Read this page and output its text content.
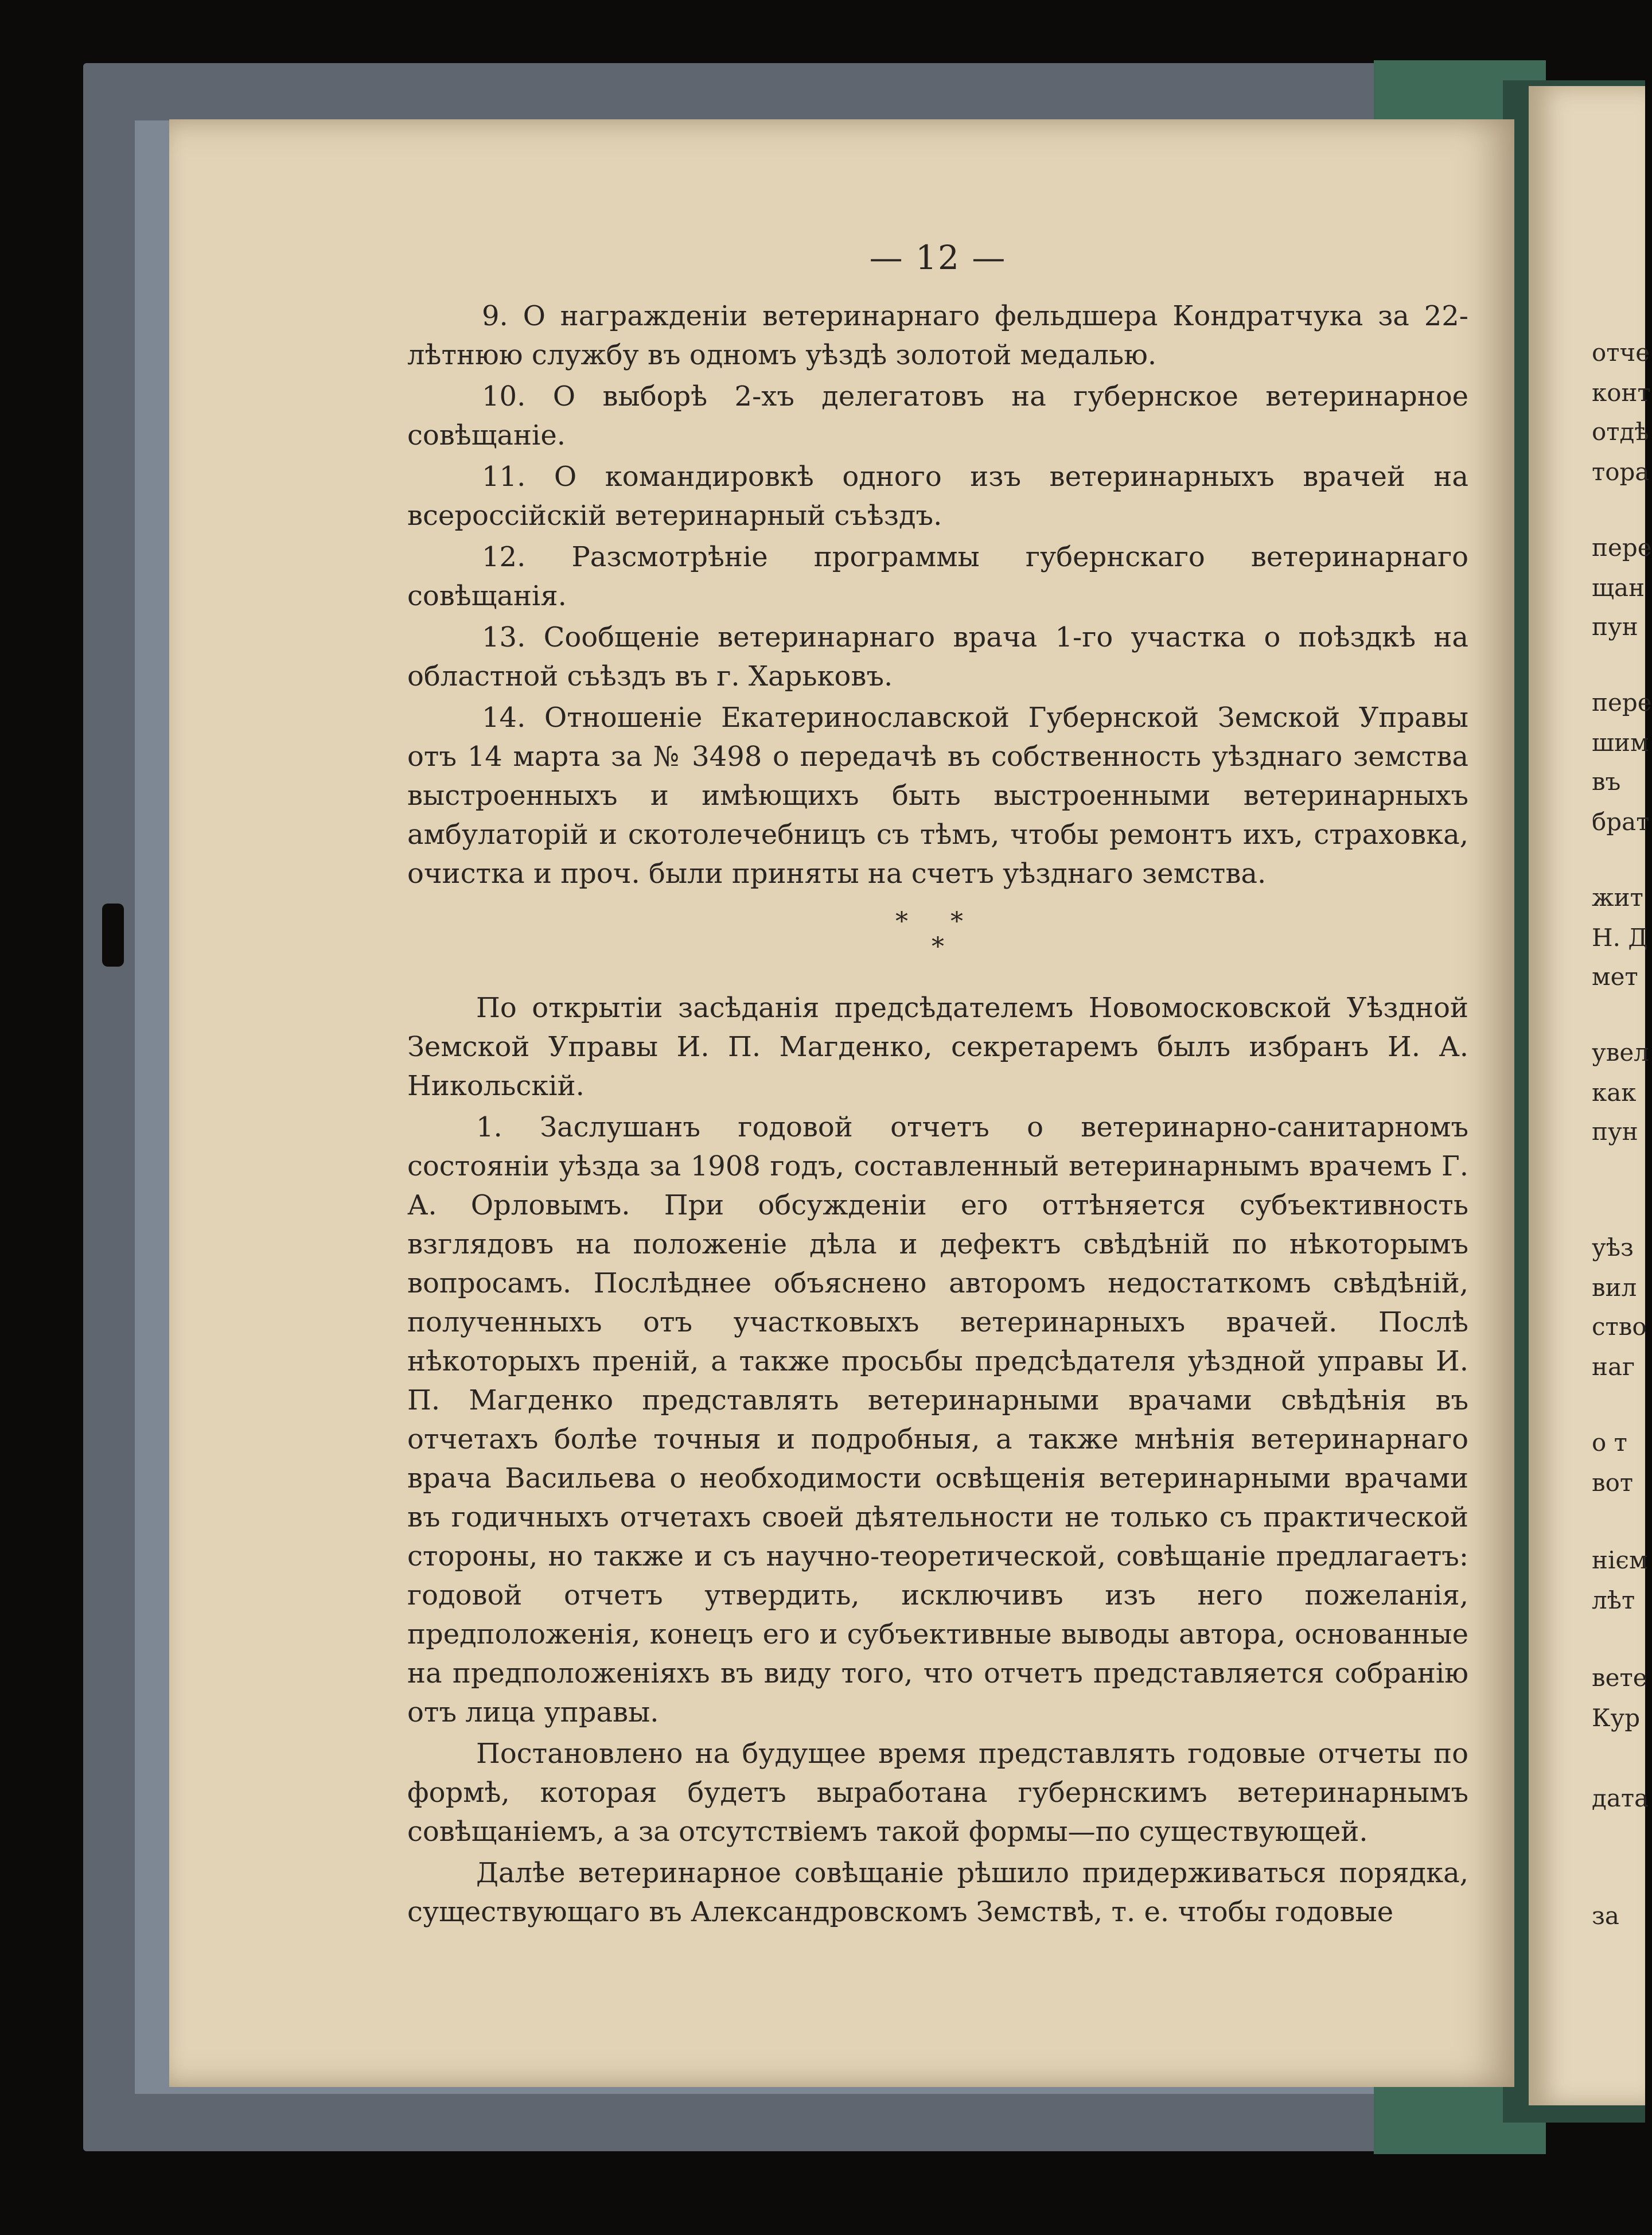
отче
конт
отдѣ
тора
пере
щан
пун
пере
шим
въ
брат
жит
Н. Д
мет
увел
как
пун
уѣз
вил
ство
наг
о т
вот
нієм
лѣт
вете
Кур
дата
за
— 12 —

9. О награжденіи ветеринарнаго фельдшера Кондратчука за 22-лѣтнюю службу въ одномъ уѣздѣ золотой медалью.

10. О выборѣ 2-хъ делегатовъ на губернское ветеринарное совѣщаніе.

11. О командировкѣ одного изъ ветеринарныхъ врачей на всероссійскій ветеринарный съѣздъ.

12. Разсмотрѣніе программы губернскаго ветеринарнаго совѣщанія.

13. Сообщеніе ветеринарнаго врача 1-го участка о поѣздкѣ на областной съѣздъ въ г. Харьковъ.

14. Отношеніе Екатеринославской Губернской Земской Управы отъ 14 марта за № 3498 о передачѣ въ собственность уѣзднаго земства выстроенныхъ и имѣющихъ быть выстроенными ветеринарныхъ амбулаторій и скотолечебницъ съ тѣмъ, чтобы ремонтъ ихъ, страховка, очистка и проч. были приняты на счетъ уѣзднаго земства.

* *
*

По открытіи засѣданія предсѣдателемъ Новомосковской Уѣздной Земской Управы И. П. Магденко, секретаремъ былъ избранъ И. А. Никольскій.

1. Заслушанъ годовой отчетъ о ветеринарно-санитарномъ состояніи уѣзда за 1908 годъ, составленный ветеринарнымъ врачемъ Г. А. Орловымъ. При обсужденіи его оттѣняется субъективность взглядовъ на положеніе дѣла и дефектъ свѣдѣній по нѣкоторымъ вопросамъ. Послѣднее объяснено авторомъ недостаткомъ свѣдѣній, полученныхъ отъ участковыхъ ветеринарныхъ врачей. Послѣ нѣкоторыхъ преній, а также просьбы предсѣдателя уѣздной управы И. П. Магденко представлять ветеринарными врачами свѣдѣнія въ отчетахъ болѣе точныя и подробныя, а также мнѣнія ветеринарнаго врача Васильева о необходимости освѣщенія ветеринарными врачами въ годичныхъ отчетахъ своей дѣятельности не только съ практической стороны, но также и съ научно-теоретической, совѣщаніе предлагаетъ: годовой отчетъ утвердить, исключивъ изъ него пожеланія, предположенія, конецъ его и субъективные выводы автора, основанные на предположеніяхъ въ виду того, что отчетъ представляется собранію отъ лица управы.

Постановлено на будущее время представлять годовые отчеты по формѣ, которая будетъ выработана губернскимъ ветеринарнымъ совѣщаніемъ, а за отсутствіемъ такой формы—по существующей.

Далѣе ветеринарное совѣщаніе рѣшило придерживаться порядка, существующаго въ Александровскомъ Земствѣ, т. е. чтобы годовые
